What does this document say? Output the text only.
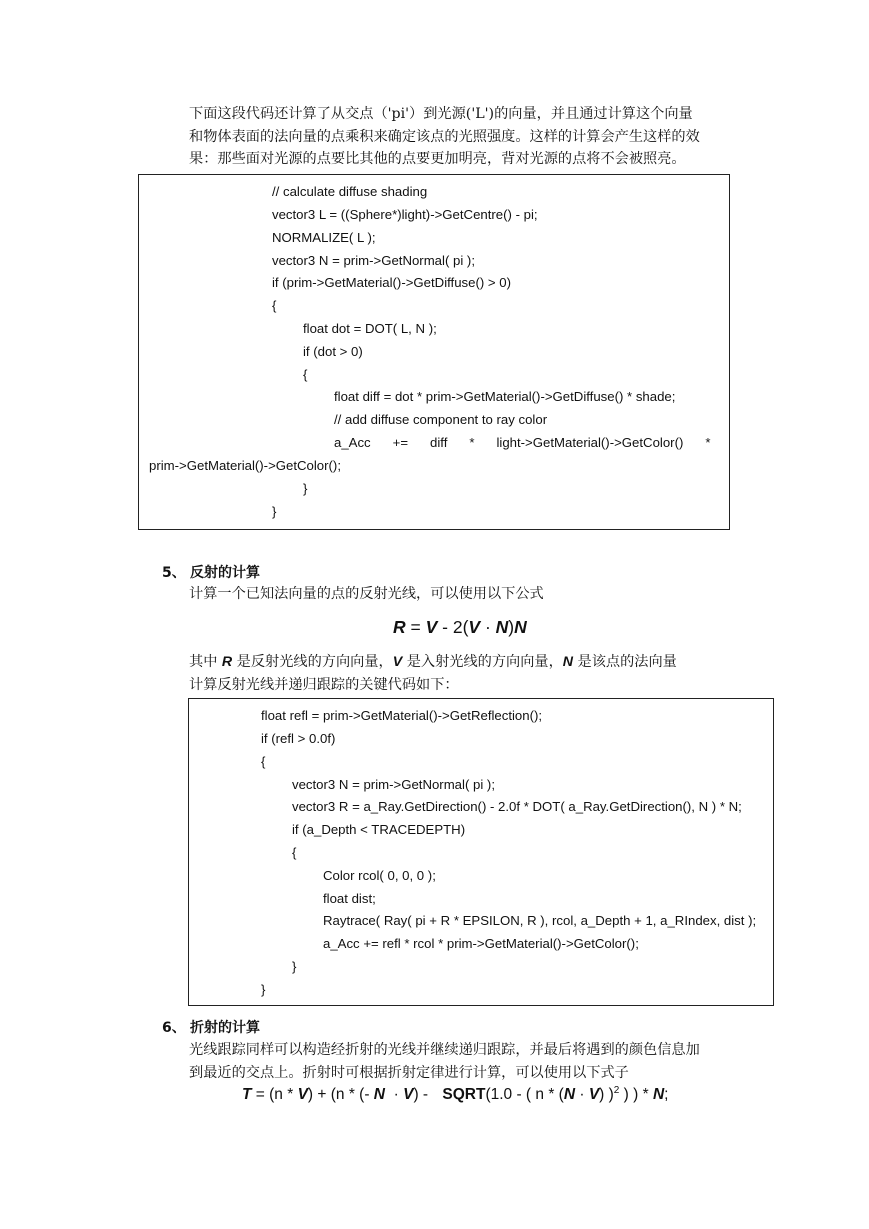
下面这段代码还计算了从交点（'pi'）到光源('L')的向量，并且通过计算这个向量
和物体表面的法向量的点乘积来确定该点的光照强度。这样的计算会产生这样的效
果：那些面对光源的点要比其他的点要更加明亮，背对光源的点将不会被照亮。
// calculate diffuse shading
vector3 L = ((Sphere*)light)->GetCentre() - pi;
NORMALIZE( L );
vector3 N = prim->GetNormal( pi );
if (prim->GetMaterial()->GetDiffuse() > 0)
{
float dot = DOT( L, N );
if (dot > 0)
{
float diff = dot * prim->GetMaterial()->GetDiffuse() * shade;
// add diffuse component to ray color
a_Acc      +=      diff      *      light->GetMaterial()->GetColor()      *
prim->GetMaterial()->GetColor();
}
}
5、 反射的计算
计算一个已知法向量的点的反射光线，可以使用以下公式
R = V - 2(V · N)N
其中 R 是反射光线的方向向量，V 是入射光线的方向向量，N 是该点的法向量
计算反射光线并递归跟踪的关键代码如下：
float refl = prim->GetMaterial()->GetReflection();
if (refl > 0.0f)
{
vector3 N = prim->GetNormal( pi );
vector3 R = a_Ray.GetDirection() - 2.0f * DOT( a_Ray.GetDirection(), N ) * N;
if (a_Depth < TRACEDEPTH)
{
Color rcol( 0, 0, 0 );
float dist;
Raytrace( Ray( pi + R * EPSILON, R ), rcol, a_Depth + 1, a_RIndex, dist );
a_Acc += refl * rcol * prim->GetMaterial()->GetColor();
}
}
6、 折射的计算
光线跟踪同样可以构造经折射的光线并继续递归跟踪，并最后将遇到的颜色信息加
到最近的交点上。折射时可根据折射定律进行计算，可以使用以下式子
T = (n * V) + (n * (- N  · V) - SQRT(1.0 - ( n * (N · V) )$^2$ ) ) * N;
